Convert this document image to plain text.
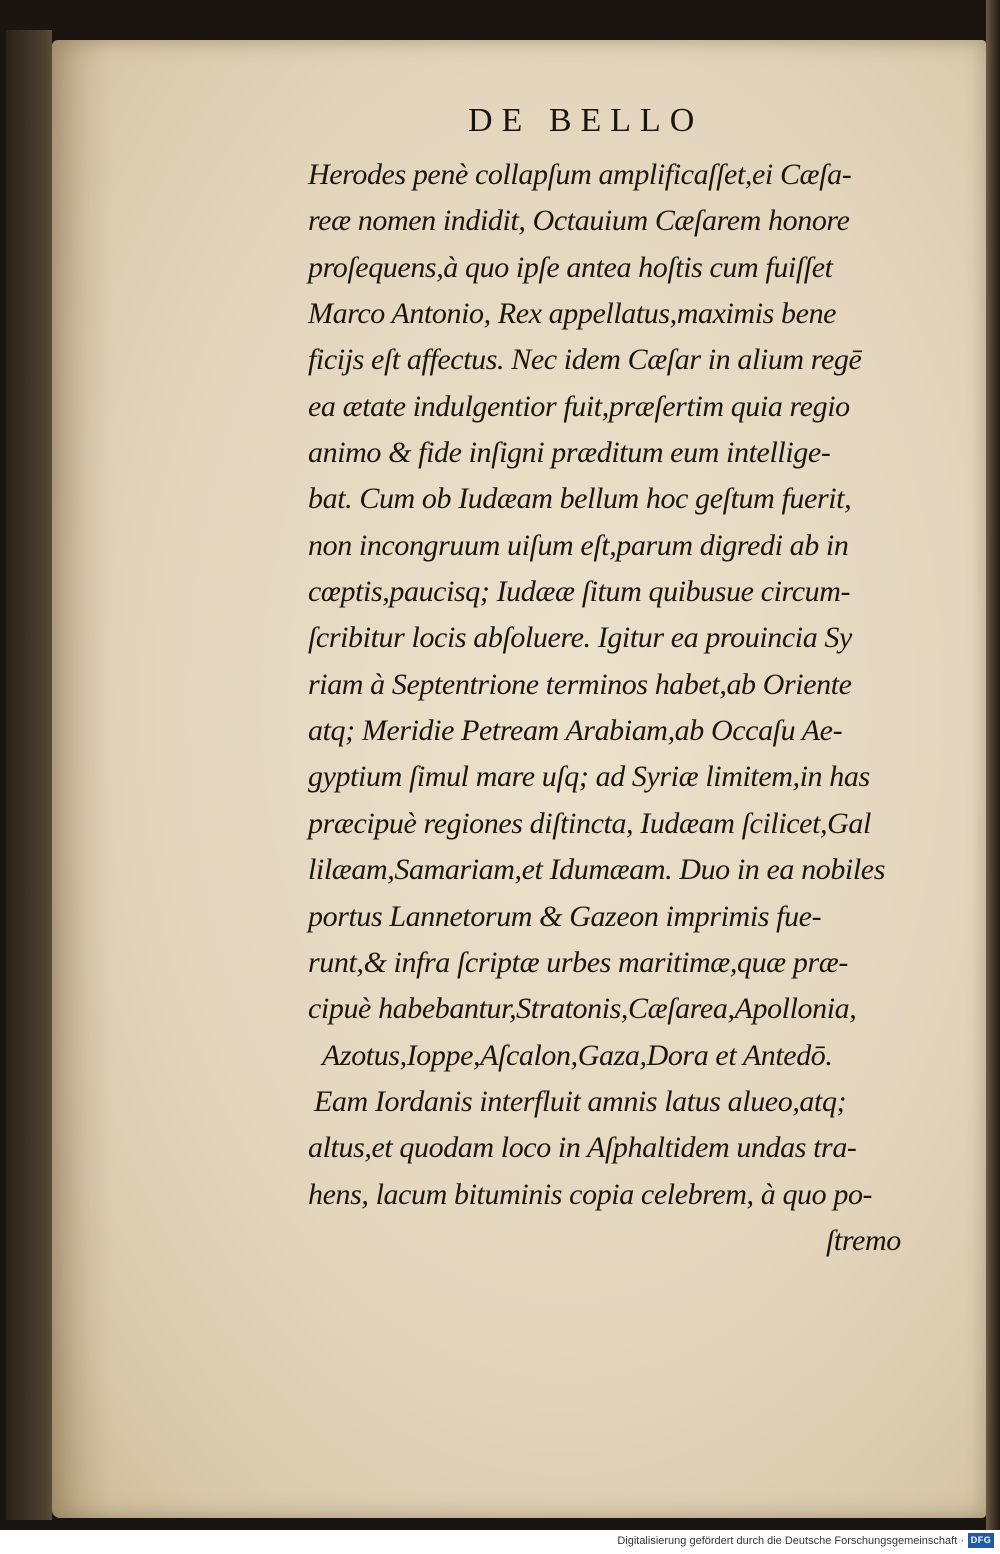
DE BELLO
Herodes penè collapſum amplificaſſet,ei Cæſa-
reæ nomen indidit, Octauium Cæſarem honore
proſequens,à quo ipſe antea hoſtis cum fuiſſet
Marco Antonio, Rex appellatus,maximis bene
ficijs eſt affectus. Nec idem Cæſar in alium regē
ea ætate indulgentior fuit,præſertim quia regio
animo & fide inſigni præditum eum intellige-
bat. Cum ob Iudæam bellum hoc geſtum fuerit,
non incongruum uiſum eſt,parum digredi ab in
cœptis,paucisq; Iudææ ſitum quibusue circum-
ſcribitur locis abſoluere. Igitur ea prouincia Sy
riam à Septentrione terminos habet,ab Oriente
atq; Meridie Petream Arabiam,ab Occaſu Ae-
gyptium ſimul mare uſq; ad Syriæ limitem,in has
præcipuè regiones diſtincta, Iudæam ſcilicet,Gal
lilæam,Samariam,et Idumæam. Duo in ea nobiles
portus Lannetorum & Gazeon imprimis fue-
runt,& infra ſcriptæ urbes maritimæ,quæ præ-
cipuè habebantur,Stratonis,Cæſarea,Apollonia,
Azotus,Ioppe,Aſcalon,Gaza,Dora et Antedō.
Eam Iordanis interfluit amnis latus alueo,atq;
altus,et quodam loco in Aſphaltidem undas tra-
hens, lacum bituminis copia celebrem, à quo po-
ſtremo
Digitalisierung gefördert durch die Deutsche Forschungsgemeinschaft · DFG
